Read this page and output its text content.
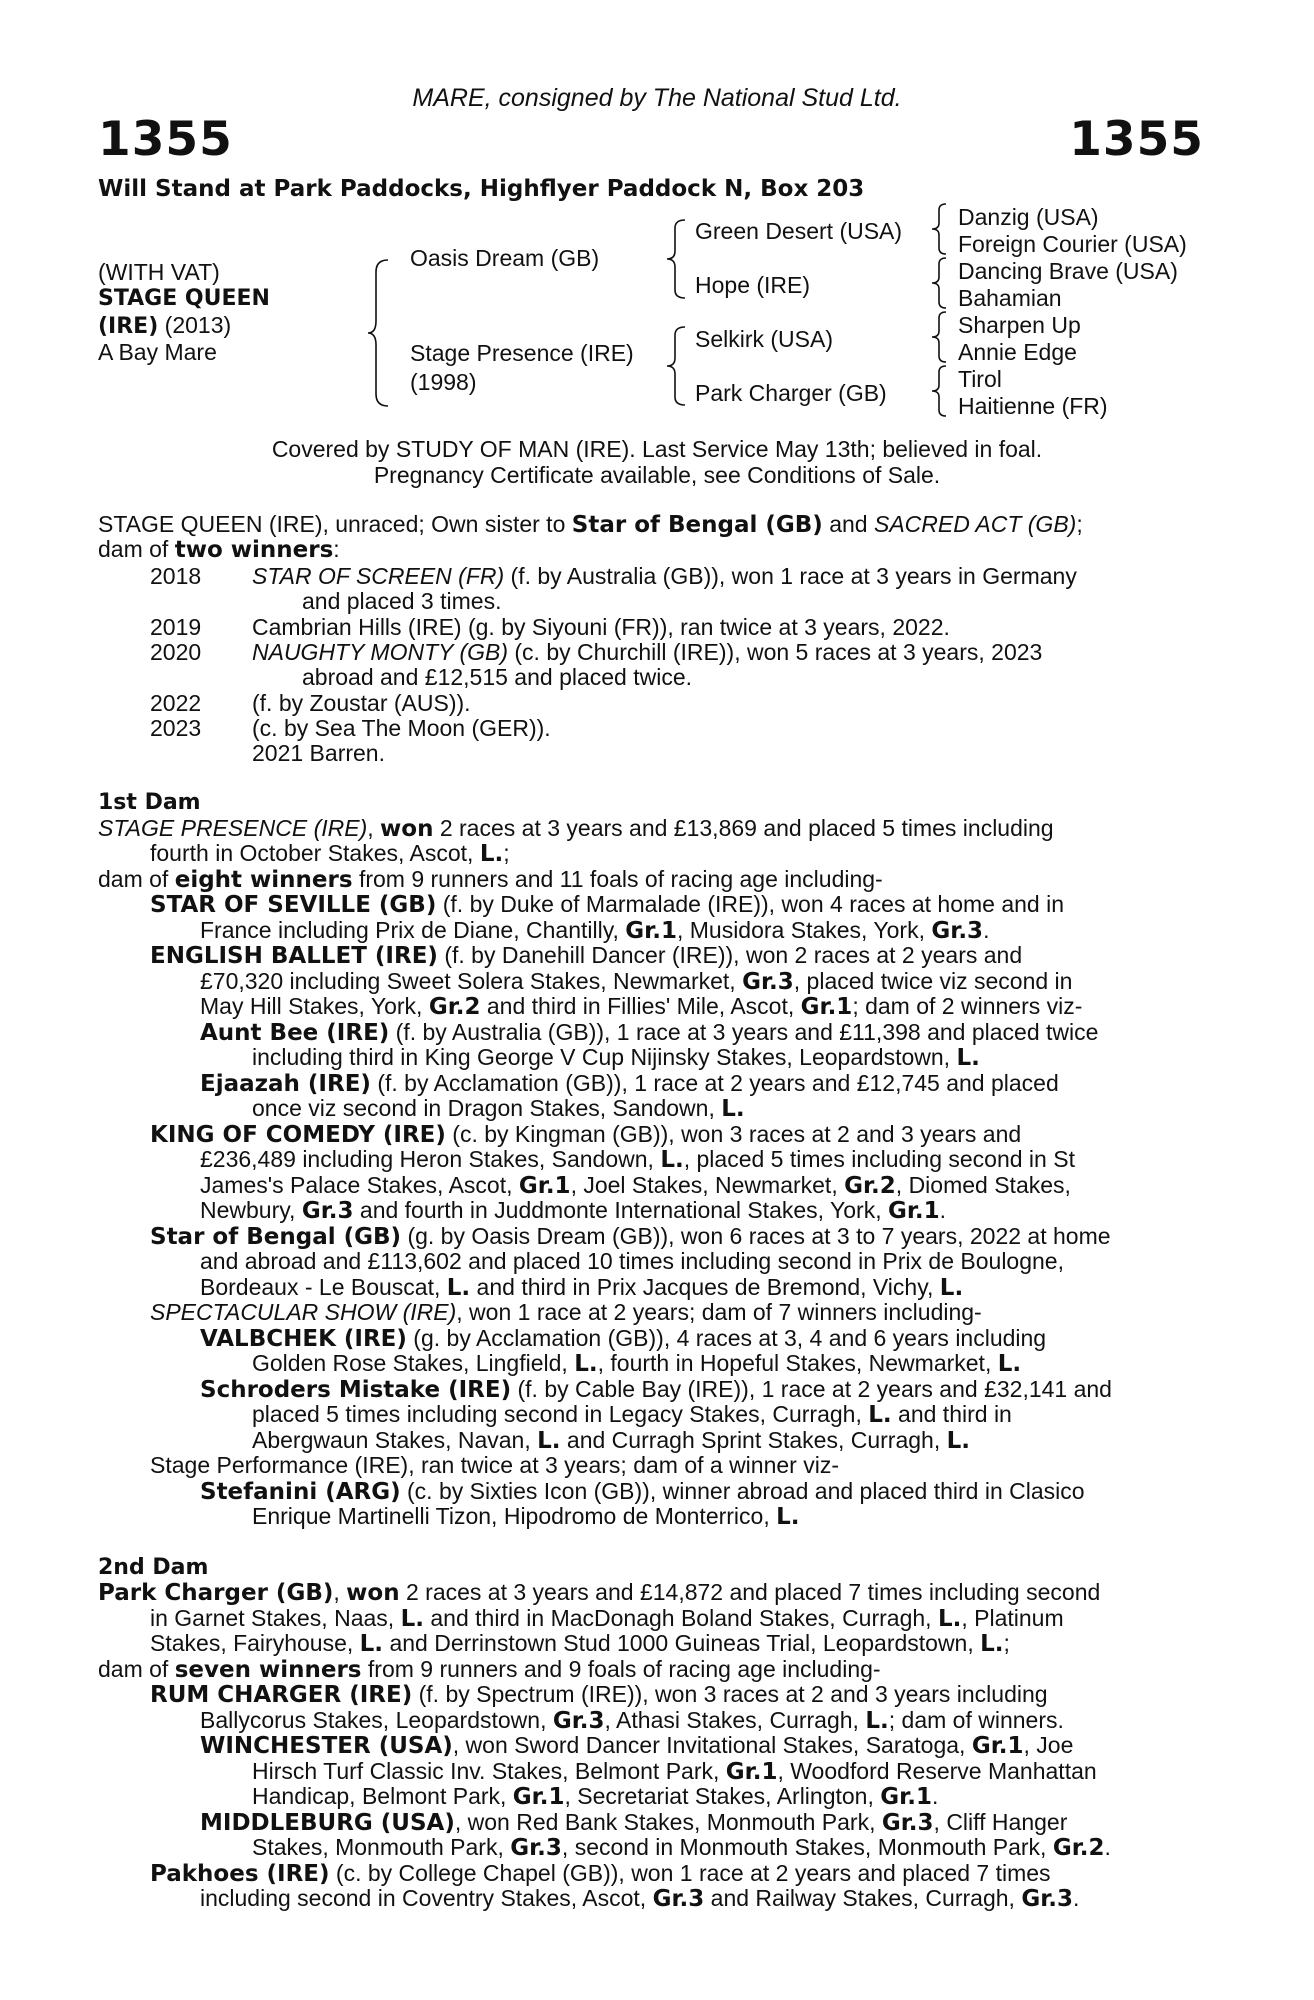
MARE, consigned by The National Stud Ltd.
1355	1355
Will Stand at Park Paddocks, Highflyer Paddock N, Box 203
(WITH VAT)
STAGE QUEEN
(IRE) (2013)
A Bay Mare
Oasis Dream (GB)
Stage Presence (IRE)
(1998)
Green Desert (USA)
Hope (IRE)
Selkirk (USA)
Park Charger (GB)
Danzig (USA)
Foreign Courier (USA)
Dancing Brave (USA)
Bahamian
Sharpen Up
Annie Edge
Tirol
Haitienne (FR)
Covered by STUDY OF MAN (IRE). Last Service May 13th; believed in foal.
Pregnancy Certificate available, see Conditions of Sale.
STAGE QUEEN (IRE), unraced; Own sister to Star of Bengal (GB) and SACRED ACT (GB);
dam of two winners:
2018 STAR OF SCREEN (FR) (f. by Australia (GB)), won 1 race at 3 years in Germany
and placed 3 times.
2019 Cambrian Hills (IRE) (g. by Siyouni (FR)), ran twice at 3 years, 2022.
2020 NAUGHTY MONTY (GB) (c. by Churchill (IRE)), won 5 races at 3 years, 2023
abroad and £12,515 and placed twice.
2022 (f. by Zoustar (AUS)).
2023 (c. by Sea The Moon (GER)).
2021 Barren.
1st Dam
STAGE PRESENCE (IRE), won 2 races at 3 years and £13,869 and placed 5 times including
fourth in October Stakes, Ascot, L.;
dam of eight winners from 9 runners and 11 foals of racing age including-
STAR OF SEVILLE (GB) (f. by Duke of Marmalade (IRE)), won 4 races at home and in
France including Prix de Diane, Chantilly, Gr.1, Musidora Stakes, York, Gr.3.
ENGLISH BALLET (IRE) (f. by Danehill Dancer (IRE)), won 2 races at 2 years and
£70,320 including Sweet Solera Stakes, Newmarket, Gr.3, placed twice viz second in
May Hill Stakes, York, Gr.2 and third in Fillies' Mile, Ascot, Gr.1; dam of 2 winners viz-
Aunt Bee (IRE) (f. by Australia (GB)), 1 race at 3 years and £11,398 and placed twice
including third in King George V Cup Nijinsky Stakes, Leopardstown, L.
Ejaazah (IRE) (f. by Acclamation (GB)), 1 race at 2 years and £12,745 and placed
once viz second in Dragon Stakes, Sandown, L.
KING OF COMEDY (IRE) (c. by Kingman (GB)), won 3 races at 2 and 3 years and
£236,489 including Heron Stakes, Sandown, L., placed 5 times including second in St
James's Palace Stakes, Ascot, Gr.1, Joel Stakes, Newmarket, Gr.2, Diomed Stakes,
Newbury, Gr.3 and fourth in Juddmonte International Stakes, York, Gr.1.
Star of Bengal (GB) (g. by Oasis Dream (GB)), won 6 races at 3 to 7 years, 2022 at home
and abroad and £113,602 and placed 10 times including second in Prix de Boulogne,
Bordeaux - Le Bouscat, L. and third in Prix Jacques de Bremond, Vichy, L.
SPECTACULAR SHOW (IRE), won 1 race at 2 years; dam of 7 winners including-
VALBCHEK (IRE) (g. by Acclamation (GB)), 4 races at 3, 4 and 6 years including
Golden Rose Stakes, Lingfield, L., fourth in Hopeful Stakes, Newmarket, L.
Schroders Mistake (IRE) (f. by Cable Bay (IRE)), 1 race at 2 years and £32,141 and
placed 5 times including second in Legacy Stakes, Curragh, L. and third in
Abergwaun Stakes, Navan, L. and Curragh Sprint Stakes, Curragh, L.
Stage Performance (IRE), ran twice at 3 years; dam of a winner viz-
Stefanini (ARG) (c. by Sixties Icon (GB)), winner abroad and placed third in Clasico
Enrique Martinelli Tizon, Hipodromo de Monterrico, L.
2nd Dam
Park Charger (GB), won 2 races at 3 years and £14,872 and placed 7 times including second
in Garnet Stakes, Naas, L. and third in MacDonagh Boland Stakes, Curragh, L., Platinum
Stakes, Fairyhouse, L. and Derrinstown Stud 1000 Guineas Trial, Leopardstown, L.;
dam of seven winners from 9 runners and 9 foals of racing age including-
RUM CHARGER (IRE) (f. by Spectrum (IRE)), won 3 races at 2 and 3 years including
Ballycorus Stakes, Leopardstown, Gr.3, Athasi Stakes, Curragh, L.; dam of winners.
WINCHESTER (USA), won Sword Dancer Invitational Stakes, Saratoga, Gr.1, Joe
Hirsch Turf Classic Inv. Stakes, Belmont Park, Gr.1, Woodford Reserve Manhattan
Handicap, Belmont Park, Gr.1, Secretariat Stakes, Arlington, Gr.1.
MIDDLEBURG (USA), won Red Bank Stakes, Monmouth Park, Gr.3, Cliff Hanger
Stakes, Monmouth Park, Gr.3, second in Monmouth Stakes, Monmouth Park, Gr.2.
Pakhoes (IRE) (c. by College Chapel (GB)), won 1 race at 2 years and placed 7 times
including second in Coventry Stakes, Ascot, Gr.3 and Railway Stakes, Curragh, Gr.3.
